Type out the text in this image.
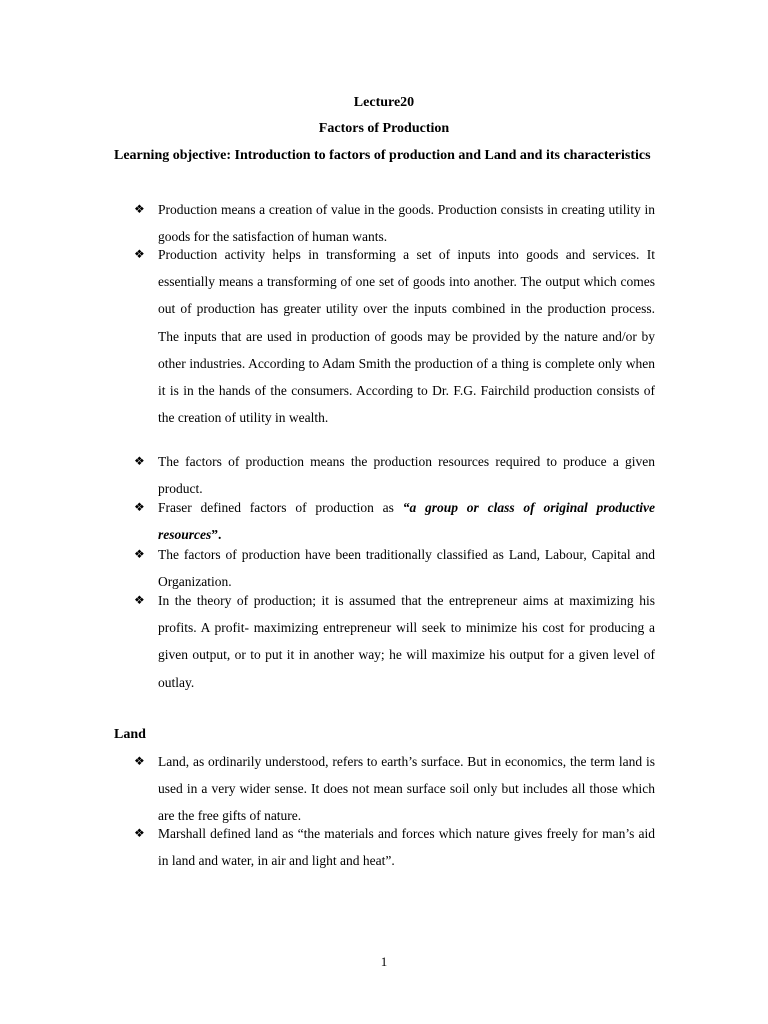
Lecture20
Factors of Production
Learning objective: Introduction to factors of production and Land and its characteristics
❖ Production means a creation of value in the goods. Production consists in creating utility in goods for the satisfaction of human wants.
❖ Production activity helps in transforming a set of inputs into goods and services. It essentially means a transforming of one set of goods into another. The output which comes out of production has greater utility over the inputs combined in the production process. The inputs that are used in production of goods may be provided by the nature and/or by other industries. According to Adam Smith the production of a thing is complete only when it is in the hands of the consumers. According to Dr. F.G. Fairchild production consists of the creation of utility in wealth.
❖ The factors of production means the production resources required to produce a given product.
❖ Fraser defined factors of production as “a group or class of original productive resources”.
❖ The factors of production have been traditionally classified as Land, Labour, Capital and Organization.
❖ In the theory of production; it is assumed that the entrepreneur aims at maximizing his profits. A profit- maximizing entrepreneur will seek to minimize his cost for producing a given output, or to put it in another way; he will maximize his output for a given level of outlay.
Land
❖ Land, as ordinarily understood, refers to earth’s surface. But in economics, the term land is used in a very wider sense. It does not mean surface soil only but includes all those which are the free gifts of nature.
❖ Marshall defined land as “the materials and forces which nature gives freely for man’s aid in land and water, in air and light and heat”.
1
